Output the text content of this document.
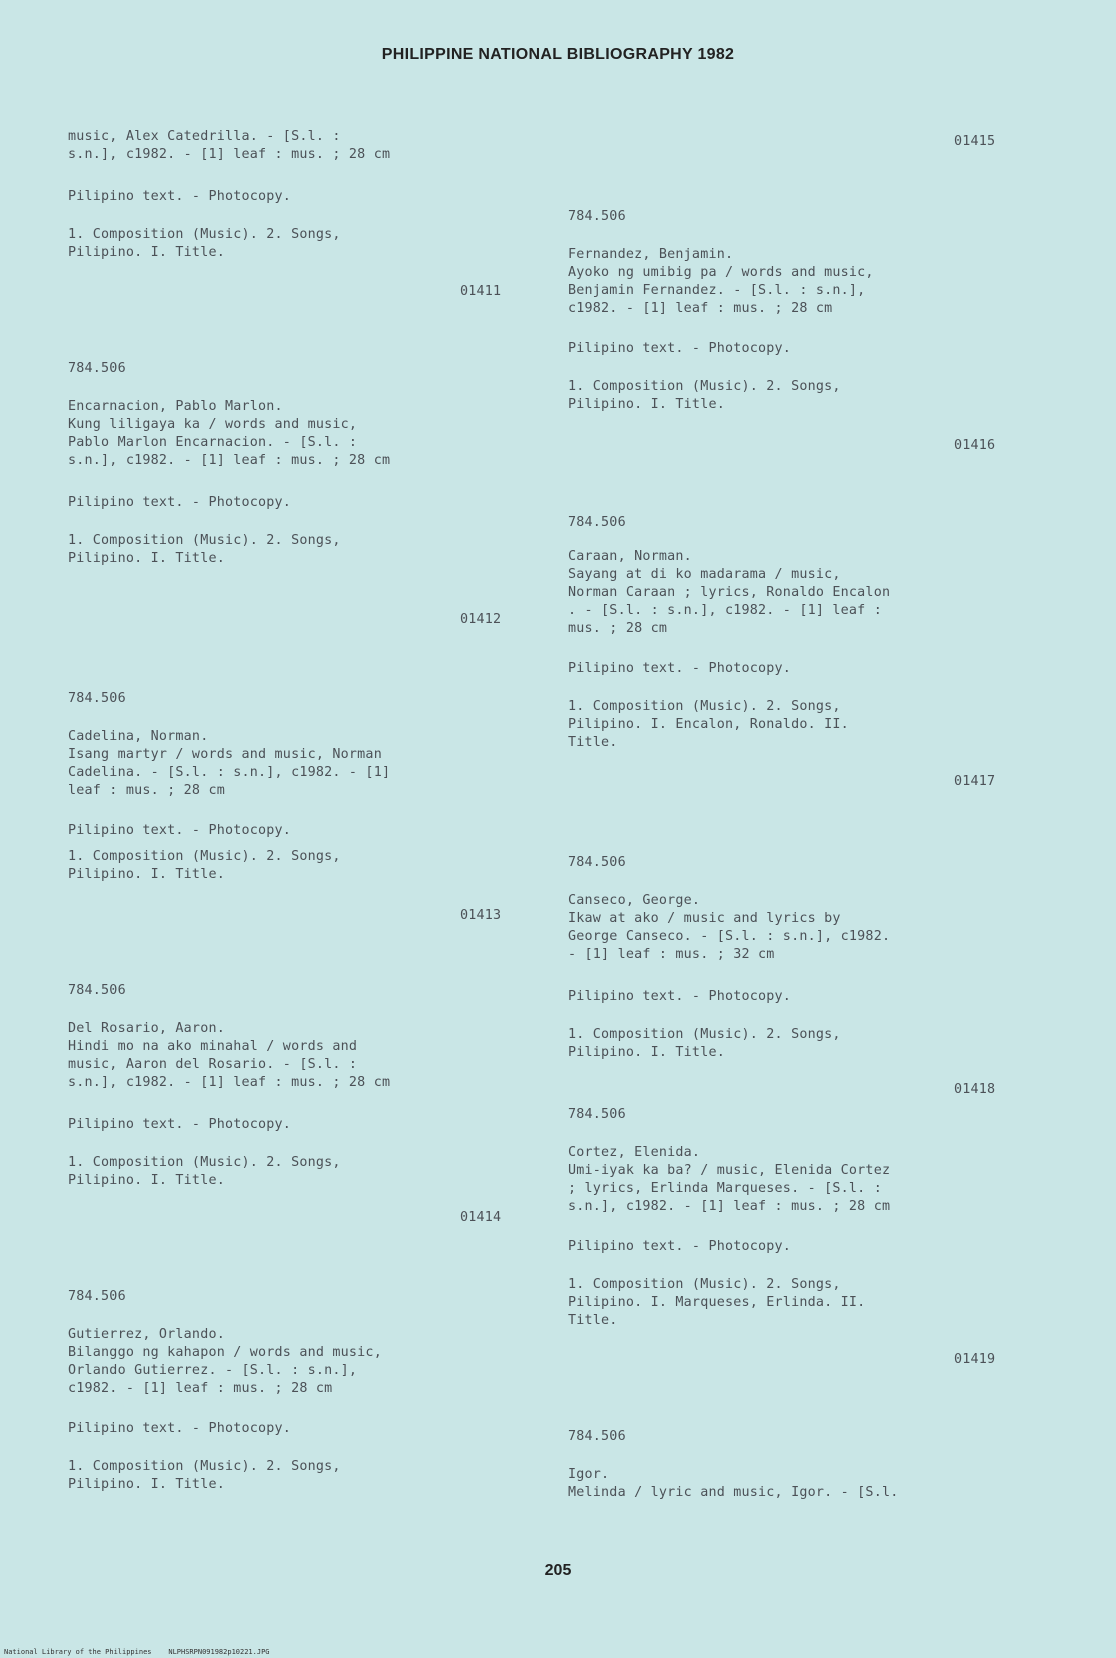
PHILIPPINE NATIONAL BIBLIOGRAPHY 1982
music, Alex Catedrilla. - [S.l. :
s.n.], c1982. - [1] leaf : mus. ; 28 cm
Pilipino text. - Photocopy.
1. Composition (Music). 2. Songs,
Pilipino. I. Title.
01411
784.506
Encarnacion, Pablo Marlon.
Kung liligaya ka / words and music,
Pablo Marlon Encarnacion. - [S.l. :
s.n.], c1982. - [1] leaf : mus. ; 28 cm
Pilipino text. - Photocopy.
1. Composition (Music). 2. Songs,
Pilipino. I. Title.
01412
784.506
Cadelina, Norman.
Isang martyr / words and music, Norman
Cadelina. - [S.l. : s.n.], c1982. - [1]
leaf : mus. ; 28 cm
Pilipino text. - Photocopy.
1. Composition (Music). 2. Songs,
Pilipino. I. Title.
01413
784.506
Del Rosario, Aaron.
Hindi mo na ako minahal / words and
music, Aaron del Rosario. - [S.l. :
s.n.], c1982. - [1] leaf : mus. ; 28 cm
Pilipino text. - Photocopy.
1. Composition (Music). 2. Songs,
Pilipino. I. Title.
01414
784.506
Gutierrez, Orlando.
Bilanggo ng kahapon / words and music,
Orlando Gutierrez. - [S.l. : s.n.],
c1982. - [1] leaf : mus. ; 28 cm
Pilipino text. - Photocopy.
1. Composition (Music). 2. Songs,
Pilipino. I. Title.
01415
784.506
Fernandez, Benjamin.
Ayoko ng umibig pa / words and music,
Benjamin Fernandez. - [S.l. : s.n.],
c1982. - [1] leaf : mus. ; 28 cm
Pilipino text. - Photocopy.
1. Composition (Music). 2. Songs,
Pilipino. I. Title.
01416
784.506
Caraan, Norman.
Sayang at di ko madarama / music,
Norman Caraan ; lyrics, Ronaldo Encalon
. - [S.l. : s.n.], c1982. - [1] leaf :
mus. ; 28 cm
Pilipino text. - Photocopy.
1. Composition (Music). 2. Songs,
Pilipino. I. Encalon, Ronaldo. II.
Title.
01417
784.506
Canseco, George.
Ikaw at ako / music and lyrics by
George Canseco. - [S.l. : s.n.], c1982.
- [1] leaf : mus. ; 32 cm
Pilipino text. - Photocopy.
1. Composition (Music). 2. Songs,
Pilipino. I. Title.
01418
784.506
Cortez, Elenida.
Umi-iyak ka ba? / music, Elenida Cortez
; lyrics, Erlinda Marqueses. - [S.l. :
s.n.], c1982. - [1] leaf : mus. ; 28 cm
Pilipino text. - Photocopy.
1. Composition (Music). 2. Songs,
Pilipino. I. Marqueses, Erlinda. II.
Title.
01419
784.506
Igor.
Melinda / lyric and music, Igor. - [S.l.
205
National Library of the Philippines    NLPHSRPN091982p10221.JPG
